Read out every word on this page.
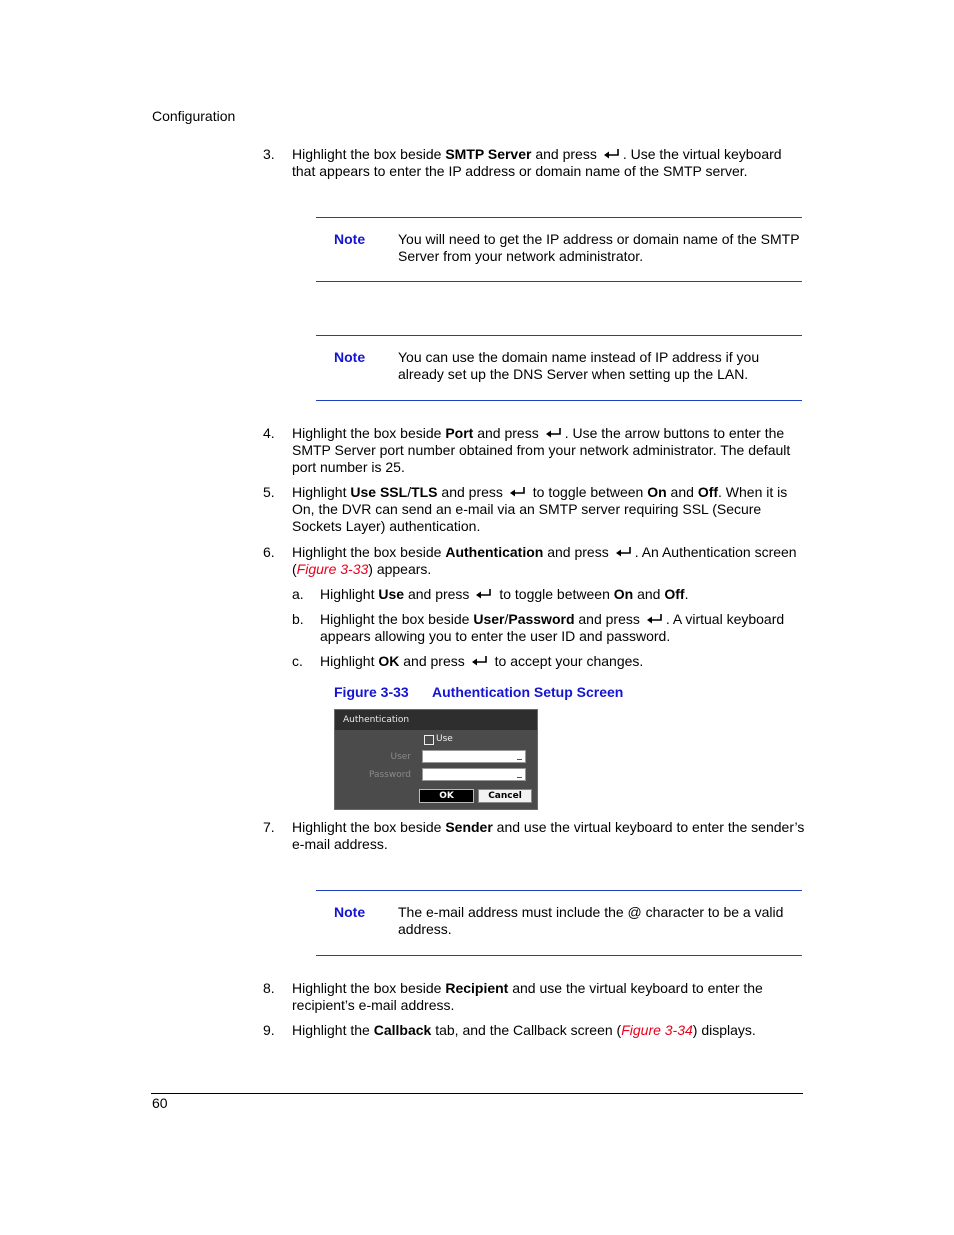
Configuration
3. Highlight the box beside SMTP Server and press . Use the virtual keyboard that appears to enter the IP address or domain name of the SMTP server.
Note You will need to get the IP address or domain name of the SMTP Server from your network administrator.
Note You can use the domain name instead of IP address if you already set up the DNS Server when setting up the LAN.
4. Highlight the box beside Port and press . Use the arrow buttons to enter the SMTP Server port number obtained from your network administrator. The default port number is 25.
5. Highlight Use SSL/TLS and press to toggle between On and Off. When it is On, the DVR can send an e-mail via an SMTP server requiring SSL (Secure Sockets Layer) authentication.
6. Highlight the box beside Authentication and press . An Authentication screen (Figure 3-33) appears.
a. Highlight Use and press to toggle between On and Off.
b. Highlight the box beside User/Password and press . A virtual keyboard appears allowing you to enter the user ID and password.
c. Highlight OK and press to accept your changes.
Figure 3-33 Authentication Setup Screen
Authentication
Use
User
Password
OK	Cancel
7. Highlight the box beside Sender and use the virtual keyboard to enter the sender’s e-mail address.
Note The e-mail address must include the @ character to be a valid address.
8. Highlight the box beside Recipient and use the virtual keyboard to enter the recipient’s e-mail address.
9. Highlight the Callback tab, and the Callback screen (Figure 3-34) displays.
60
